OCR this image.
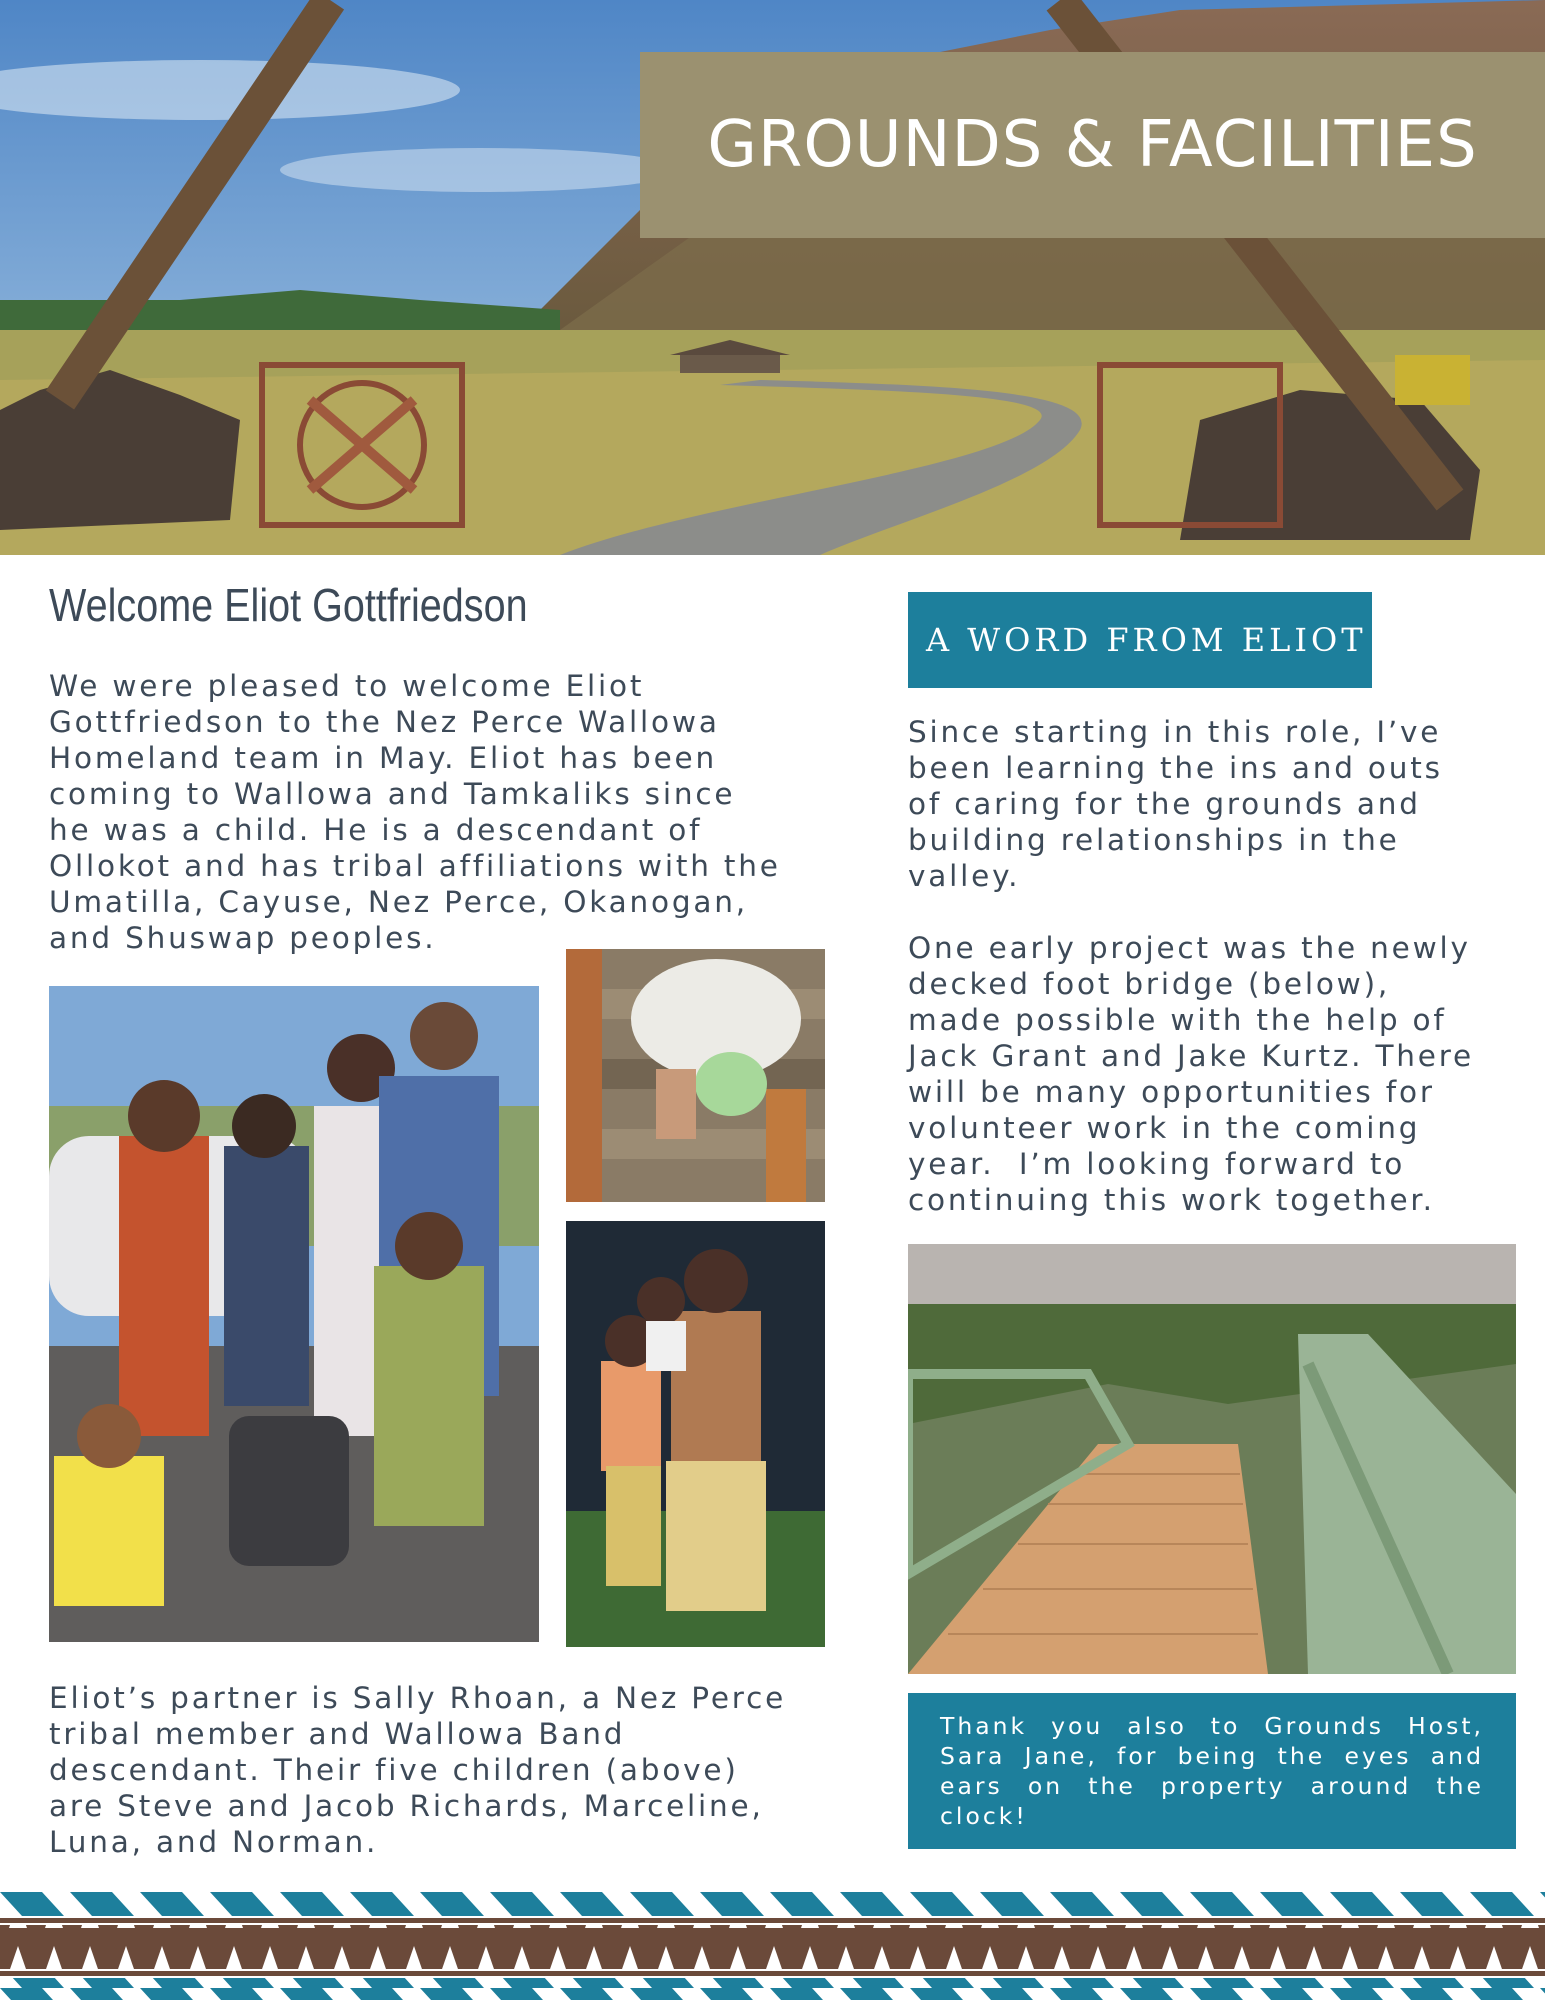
GROUNDS & FACILITIES
Welcome Eliot Gottfriedson

We were pleased to welcome Eliot
Gottfriedson to the Nez Perce Wallowa
Homeland team in May. Eliot has been
coming to Wallowa and Tamkaliks since
he was a child. He is a descendant of
Ollokot and has tribal affiliations with the
Umatilla, Cayuse, Nez Perce, Okanogan,
and Shuswap peoples.

Eliot’s partner is Sally Rhoan, a Nez Perce
tribal member and Wallowa Band
descendant. Their five children (above)
are Steve and Jacob Richards, Marceline,
Luna, and Norman.

A WORD FROM ELIOT

Since starting in this role, I’ve
been learning the ins and outs
of caring for the grounds and
building relationships in the
valley.

One early project was the newly
decked foot bridge (below),
made possible with the help of
Jack Grant and Jake Kurtz. There
will be many opportunities for
volunteer work in the coming
year.  I’m looking forward to
continuing this work together.

Thank you also to Grounds Host, Sara Jane, for being the eyes and ears on the property around the clock!
